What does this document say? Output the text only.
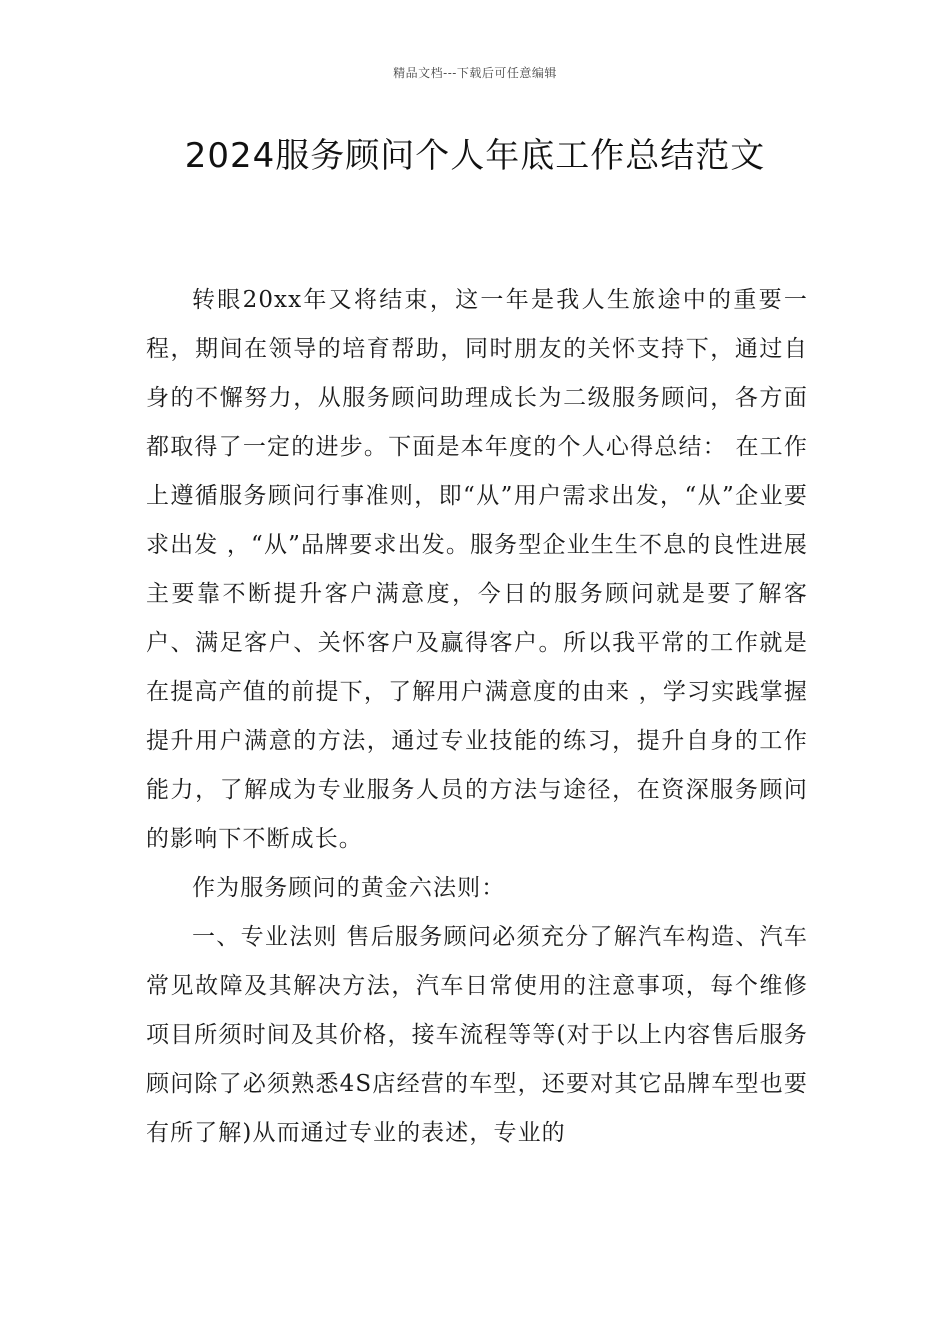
精品文档---下载后可任意编辑
2024服务顾问个人年底工作总结范文

转眼20xx年又将结束，这一年是我人生旅途中的重要一程，期间在领导的培育帮助，同时朋友的关怀支持下，通过自身的不懈努力，从服务顾问助理成长为二级服务顾问，各方面都取得了一定的进步。下面是本年度的个人心得总结： 在工作上遵循服务顾问行事准则，即“从”用户需求出发，“从”企业要求出发 ，“从”品牌要求出发。服务型企业生生不息的良性进展主要靠不断提升客户满意度，今日的服务顾问就是要了解客户、满足客户、关怀客户及赢得客户。所以我平常的工作就是在提高产值的前提下，了解用户满意度的由来 ，学习实践掌握提升用户满意的方法，通过专业技能的练习，提升自身的工作能力，了解成为专业服务人员的方法与途径，在资深服务顾问的影响下不断成长。

作为服务顾问的黄金六法则：

一、专业法则 售后服务顾问必须充分了解汽车构造、汽车常见故障及其解决方法，汽车日常使用的注意事项，每个维修项目所须时间及其价格，接车流程等等(对于以上内容售后服务顾问除了必须熟悉4S店经营的车型，还要对其它品牌车型也要有所了解)从而通过专业的表述，专业的
